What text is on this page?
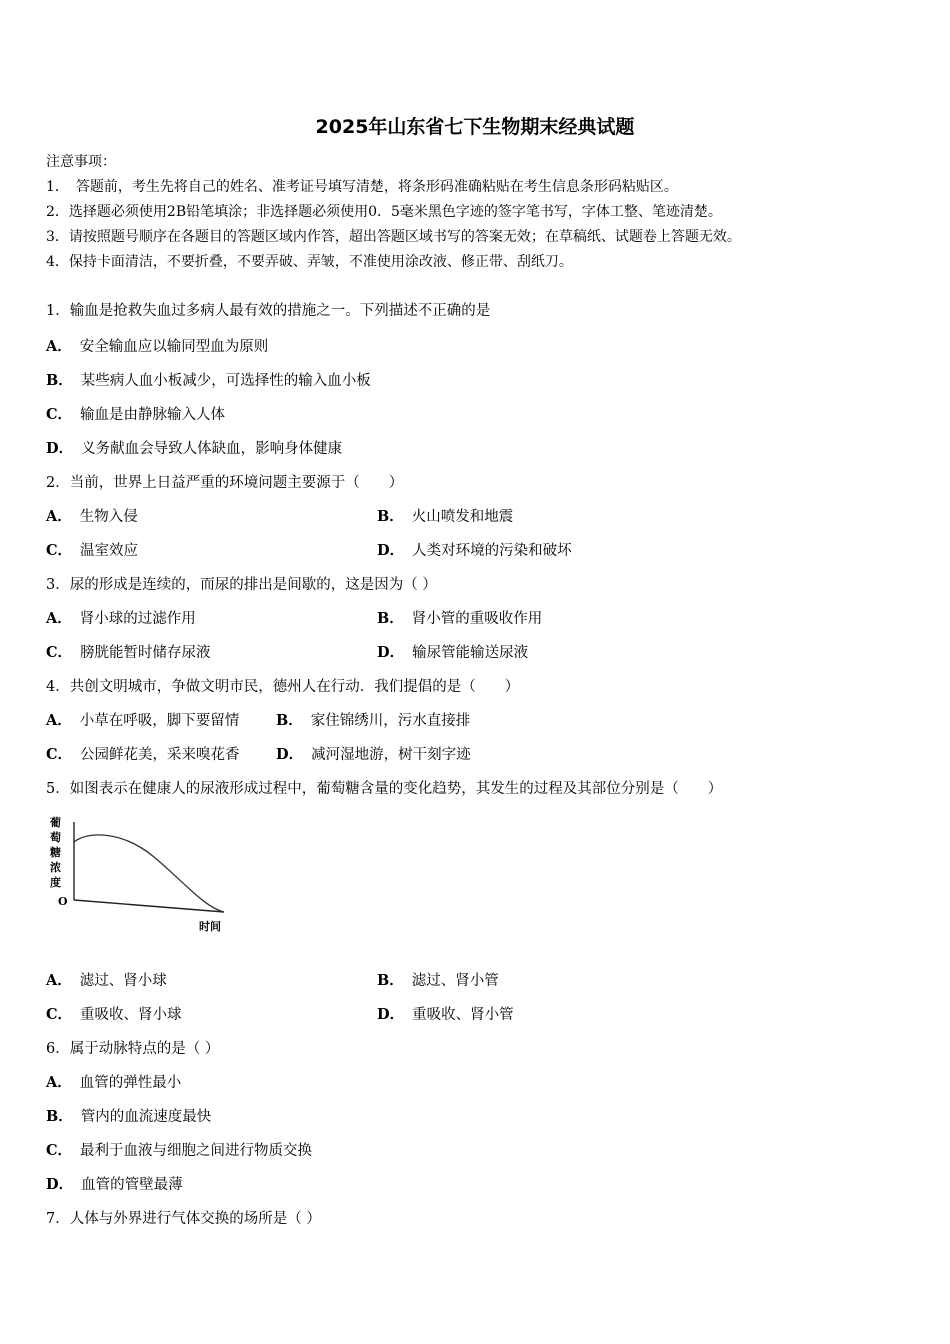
2025年山东省七下生物期末经典试题
注意事项：
1．　答题前，考生先将自己的姓名、准考证号填写清楚，将条形码准确粘贴在考生信息条形码粘贴区。
2．选择题必须使用2B铅笔填涂；非选择题必须使用0．5毫米黑色字迹的签字笔书写，字体工整、笔迹清楚。
3．请按照题号顺序在各题目的答题区域内作答，超出答题区域书写的答案无效；在草稿纸、试题卷上答题无效。
4．保持卡面清洁，不要折叠，不要弄破、弄皱，不准使用涂改液、修正带、刮纸刀。
1．输血是抢救失血过多病人最有效的措施之一。下列描述不正确的是
A． 安全输血应以输同型血为原则
B． 某些病人血小板减少，可选择性的输入血小板
C． 输血是由静脉输入人体
D． 义务献血会导致人体缺血，影响身体健康
2．当前，世界上日益严重的环境问题主要源于（　　）
A． 生物入侵	B． 火山喷发和地震
C． 温室效应	D． 人类对环境的污染和破坏
3．尿的形成是连续的，而尿的排出是间歇的，这是因为（ ）
A． 肾小球的过滤作用	B． 肾小管的重吸收作用
C． 膀胱能暂时储存尿液	D． 输尿管能输送尿液
4．共创文明城市，争做文明市民，德州人在行动．我们提倡的是（　　）
A． 小草在呼吸，脚下要留情	B． 家住锦绣川，污水直接排
C． 公园鲜花美，采来嗅花香	D． 减河湿地游，树干刻字迹
5．如图表示在健康人的尿液形成过程中，葡萄糖含量的变化趋势，其发生的过程及其部位分别是（　　）
葡
萄
糖
浓
度
O
时间
A． 滤过、肾小球	B． 滤过、肾小管
C． 重吸收、肾小球	D． 重吸收、肾小管
6．属于动脉特点的是（ ）
A． 血管的弹性最小
B． 管内的血流速度最快
C． 最利于血液与细胞之间进行物质交换
D． 血管的管壁最薄
7．人体与外界进行气体交换的场所是（ ）
